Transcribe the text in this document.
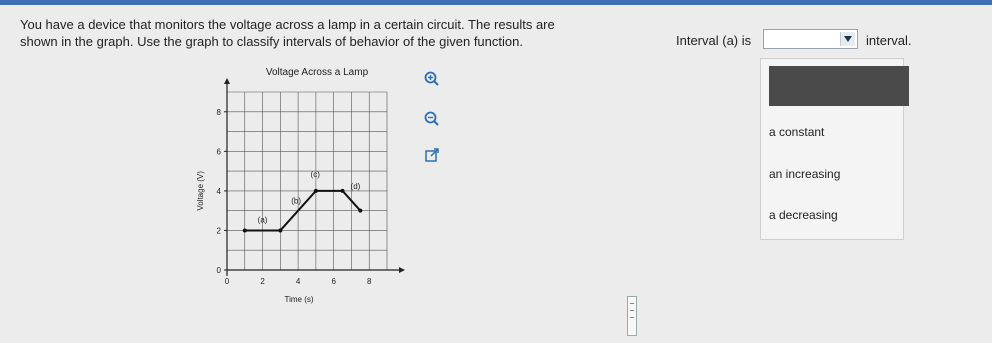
You have a device that monitors the voltage across a lamp in a certain circuit. The results are
shown in the graph. Use the graph to classify intervals of behavior of the given function.
Voltage Across a Lamp
0	2	4	6	8
0
2
4
6
8
Time (s)
Voltage (V)
(a)
(b)
(c)
(d)
Interval (a) is	interval.
a constant
an increasing
a decreasing
